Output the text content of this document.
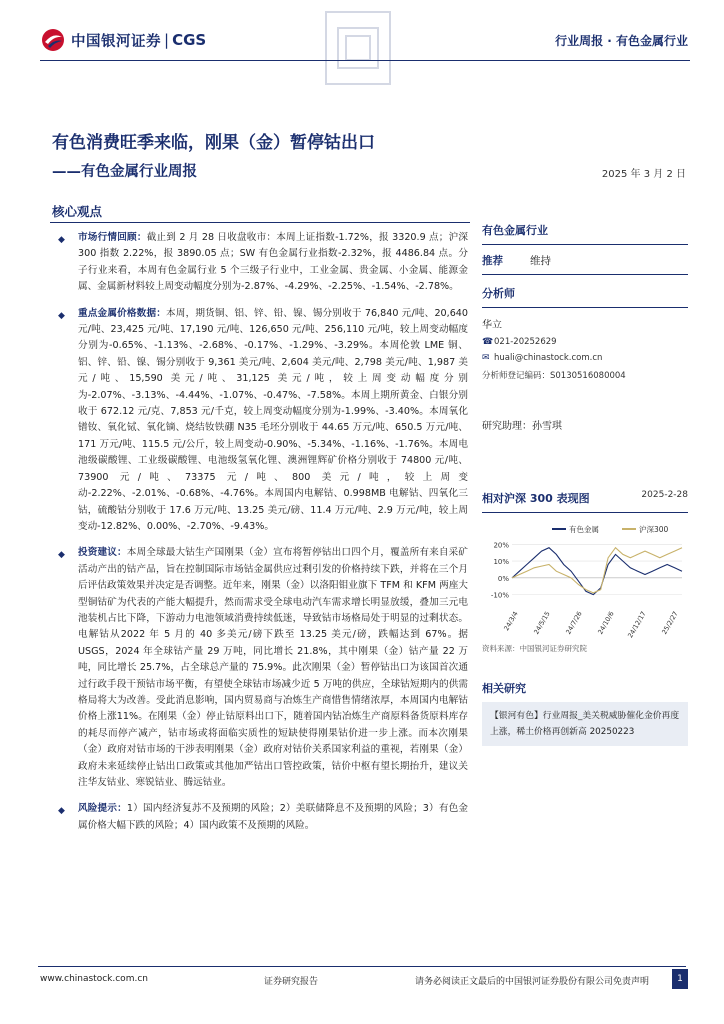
中国银河证券 | CGS	行业周报 · 有色金属行业
有色消费旺季来临，刚果（金）暂停钴出口
——有色金属行业周报	2025 年 3 月 2 日
核心观点
◆ 市场行情回顾：截止到 2 月 28 日收盘收市：本周上证指数-1.72%，报 3320.9 点；沪深 300 指数 2.22%，报 3890.05 点；SW 有色金属行业指数-2.32%，报 4486.84 点。分子行业来看，本周有色金属行业 5 个三级子行业中，工业金属、贵金属、小金属、能源金属、金属新材料较上周变动幅度分别为-2.87%、-4.29%、-2.25%、-1.54%、-2.78%。
◆ 重点金属价格数据：本周，期货铜、铝、锌、铅、镍、锡分别收于 76,840 元/吨、20,640 元/吨、23,425 元/吨、17,190 元/吨、126,650 元/吨、256,110 元/吨，较上周变动幅度分别为-0.65%、-1.13%、-2.68%、-0.17%、-1.29%、-3.29%。本周伦敦 LME 铜、铝、锌、铅、镍、锡分别收于 9,361 美元/吨、2,604 美元/吨、2,798 美元/吨、1,987 美元/吨、15,590 美元/吨、31,125 美元/吨，较上周变动幅度分别为-2.07%、-3.13%、-4.44%、-1.07%、-0.47%、-7.58%。本周上期所黄金、白银分别收于 672.12 元/克、7,853 元/千克，较上周变动幅度分别为-1.99%、-3.40%。本周氧化镨钕、氧化铽、氧化镝、烧结钕铁硼 N35 毛坯分别收于 44.65 万元/吨、650.5 万元/吨、171 万元/吨、115.5 元/公斤，较上周变动-0.90%、-5.34%、-1.16%、-1.76%。本周电池级碳酸锂、工业级碳酸锂、电池级氢氧化锂、澳洲锂辉矿价格分别收于 74800 元/吨、73900 元/吨、73375 元/吨、800 美元/吨，较上周变动-2.22%、-2.01%、-0.68%、-4.76%。本周国内电解钴、0.998MB 电解钴、四氧化三钴，硫酸钴分别收于 17.6 万元/吨、13.25 美元/磅、11.4 万元/吨、2.9 万元/吨，较上周变动-12.82%、0.00%、-2.70%、-9.43%。
◆ 投资建议：本周全球最大钴生产国刚果（金）宣布将暂停钴出口四个月，覆盖所有来自采矿活动产出的钴产品，旨在控制国际市场钴金属供应过剩引发的价格持续下跌，并将在三个月后评估政策效果并决定是否调整。近年来，刚果（金）以洛阳钼业旗下 TFM 和 KFM 两座大型铜钴矿为代表的产能大幅提升，然而需求受全球电动汽车需求增长明显放缓，叠加三元电池装机占比下降，下游动力电池领域消费持续低迷，导致钴市场格局处于明显的过剩状态。电解钴从2022 年 5 月的 40 多美元/磅下跌至 13.25 美元/磅，跌幅达到 67%。据 USGS，2024 年全球钴产量 29 万吨，同比增长 21.8%，其中刚果（金）钴产量 22 万吨，同比增长 25.7%，占全球总产量的 75.9%。此次刚果（金）暂停钴出口为该国首次通过行政手段干预钴市场平衡，有望使全球钴市场减少近 5 万吨的供应，全球钴短期内的供需格局将大为改善。受此消息影响，国内贸易商与冶炼生产商惜售情绪浓厚，本周国内电解钴价格上涨11%。在刚果（金）停止钴原料出口下，随着国内钴冶炼生产商原料备货原料库存的耗尽而停产减产，钴市场或将面临实质性的短缺使得刚果钴价进一步上涨。而本次刚果（金）政府对钴市场的干涉表明刚果（金）政府对钴价关系国家利益的重视，若刚果（金）政府未来延续停止钴出口政策或其他加严钴出口管控政策，钴价中枢有望长期抬升，建议关注华友钴业、寒锐钴业、腾远钴业。
◆ 风险提示：1）国内经济复苏不及预期的风险；2）美联储降息不及预期的风险；3）有色金属价格大幅下跌的风险；4）国内政策不及预期的风险。
有色金属行业
推荐	维持
分析师
华立
☎ 021-20252629
✉ huali@chinastock.com.cn
分析师登记编码：S0130516080004
研究助理：孙雪琪
相对沪深 300 表现图	2025-2-28
20%
10%
0%
-10%
24/3/4 24/5/15 24/7/26 24/10/6 24/12/17 25/2/27
有色金属	沪深300
资料来源：中国银河证券研究院
相关研究
【银河有色】行业周报_美关税威胁催化金价再度上涨，稀土价格再创新高 20250223
www.chinastock.com.cn	证券研究报告	请务必阅读正文最后的中国银河证券股份有限公司免责声明	1
